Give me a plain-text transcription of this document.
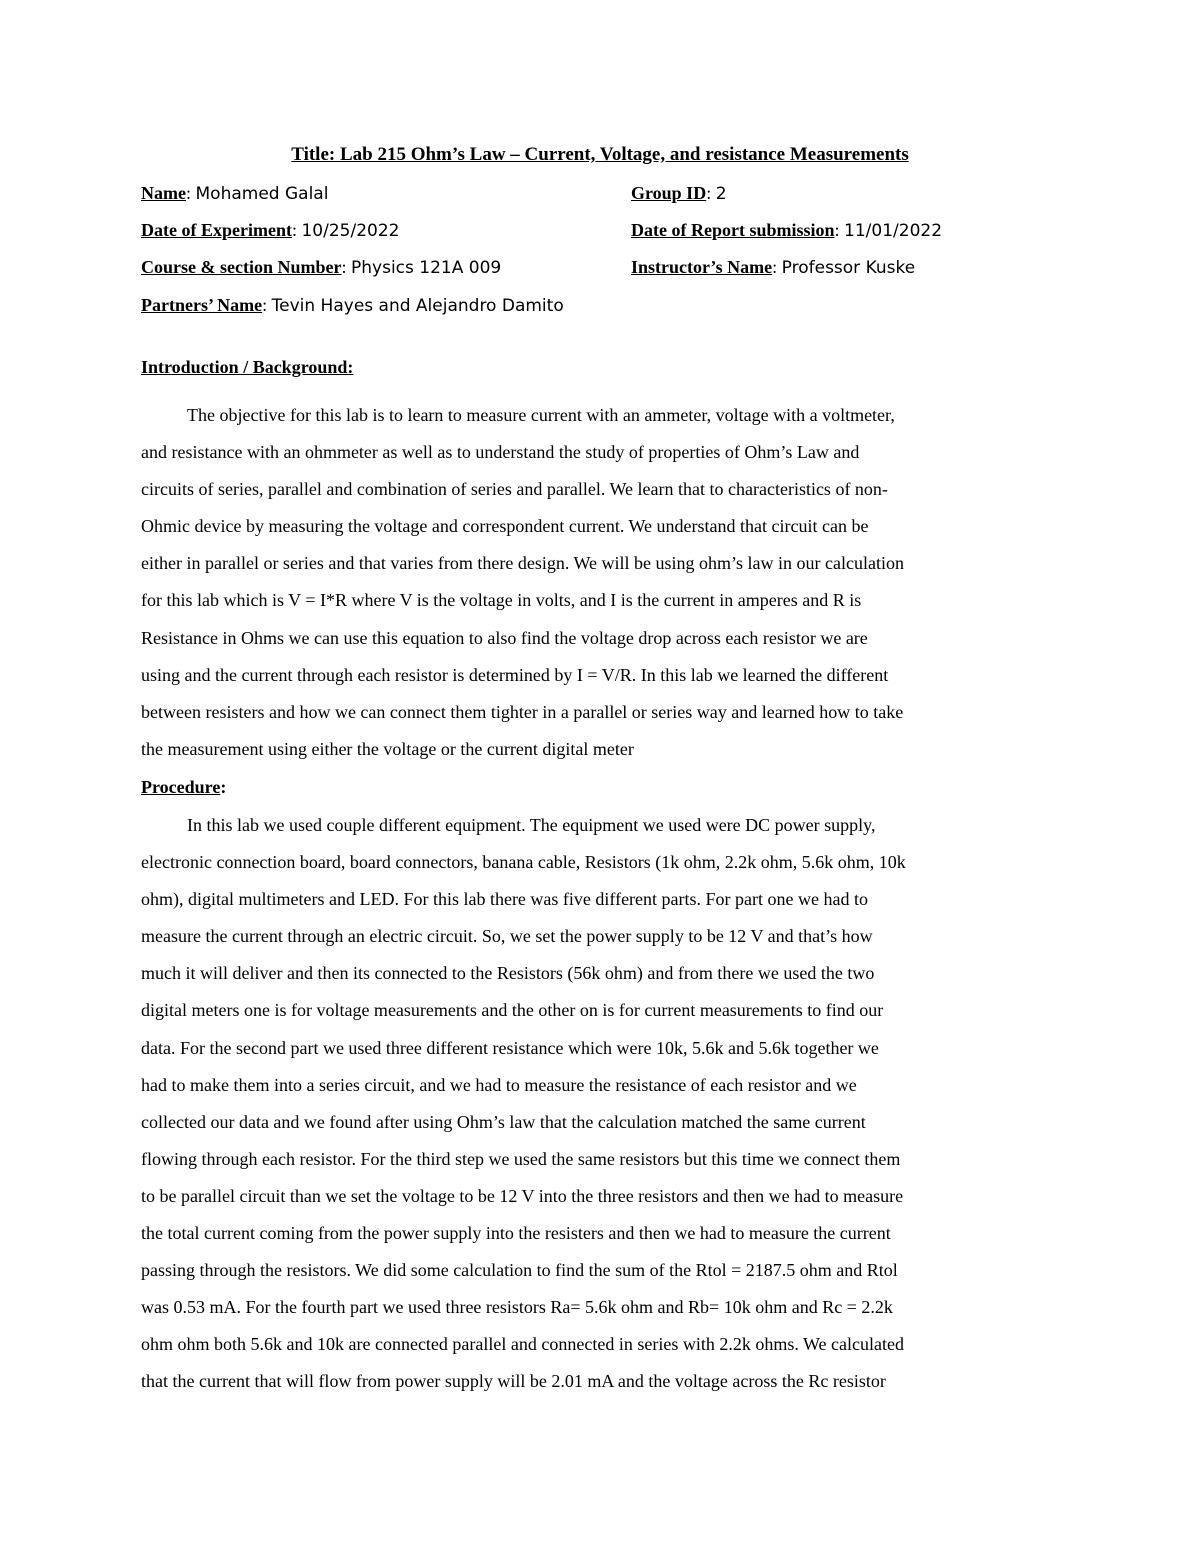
Title: Lab 215 Ohm’s Law – Current, Voltage, and resistance Measurements
Name: Mohamed Galal	Group ID: 2
Date of Experiment: 10/25/2022	Date of Report submission: 11/01/2022
Course & section Number: Physics 121A 009	Instructor’s Name: Professor Kuske
Partners’ Name: Tevin Hayes and Alejandro Damito
Introduction / Background:
The objective for this lab is to learn to measure current with an ammeter, voltage with a voltmeter,
and resistance with an ohmmeter as well as to understand the study of properties of Ohm’s Law and
circuits of series, parallel and combination of series and parallel. We learn that to characteristics of non-
Ohmic device by measuring the voltage and correspondent current. We understand that circuit can be
either in parallel or series and that varies from there design. We will be using ohm’s law in our calculation
for this lab which is V = I*R where V is the voltage in volts, and I is the current in amperes and R is
Resistance in Ohms we can use this equation to also find the voltage drop across each resistor we are
using and the current through each resistor is determined by I = V/R. In this lab we learned the different
between resisters and how we can connect them tighter in a parallel or series way and learned how to take
the measurement using either the voltage or the current digital meter
Procedure:
In this lab we used couple different equipment. The equipment we used were DC power supply,
electronic connection board, board connectors, banana cable, Resistors (1k ohm, 2.2k ohm, 5.6k ohm, 10k
ohm), digital multimeters and LED. For this lab there was five different parts. For part one we had to
measure the current through an electric circuit. So, we set the power supply to be 12 V and that’s how
much it will deliver and then its connected to the Resistors (56k ohm) and from there we used the two
digital meters one is for voltage measurements and the other on is for current measurements to find our
data. For the second part we used three different resistance which were 10k, 5.6k and 5.6k together we
had to make them into a series circuit, and we had to measure the resistance of each resistor and we
collected our data and we found after using Ohm’s law that the calculation matched the same current
flowing through each resistor. For the third step we used the same resistors but this time we connect them
to be parallel circuit than we set the voltage to be 12 V into the three resistors and then we had to measure
the total current coming from the power supply into the resisters and then we had to measure the current
passing through the resistors. We did some calculation to find the sum of the Rtol = 2187.5 ohm and Rtol
was 0.53 mA. For the fourth part we used three resistors Ra= 5.6k ohm and Rb= 10k ohm and Rc = 2.2k
ohm ohm both 5.6k and 10k are connected parallel and connected in series with 2.2k ohms. We calculated
that the current that will flow from power supply will be 2.01 mA and the voltage across the Rc resistor
